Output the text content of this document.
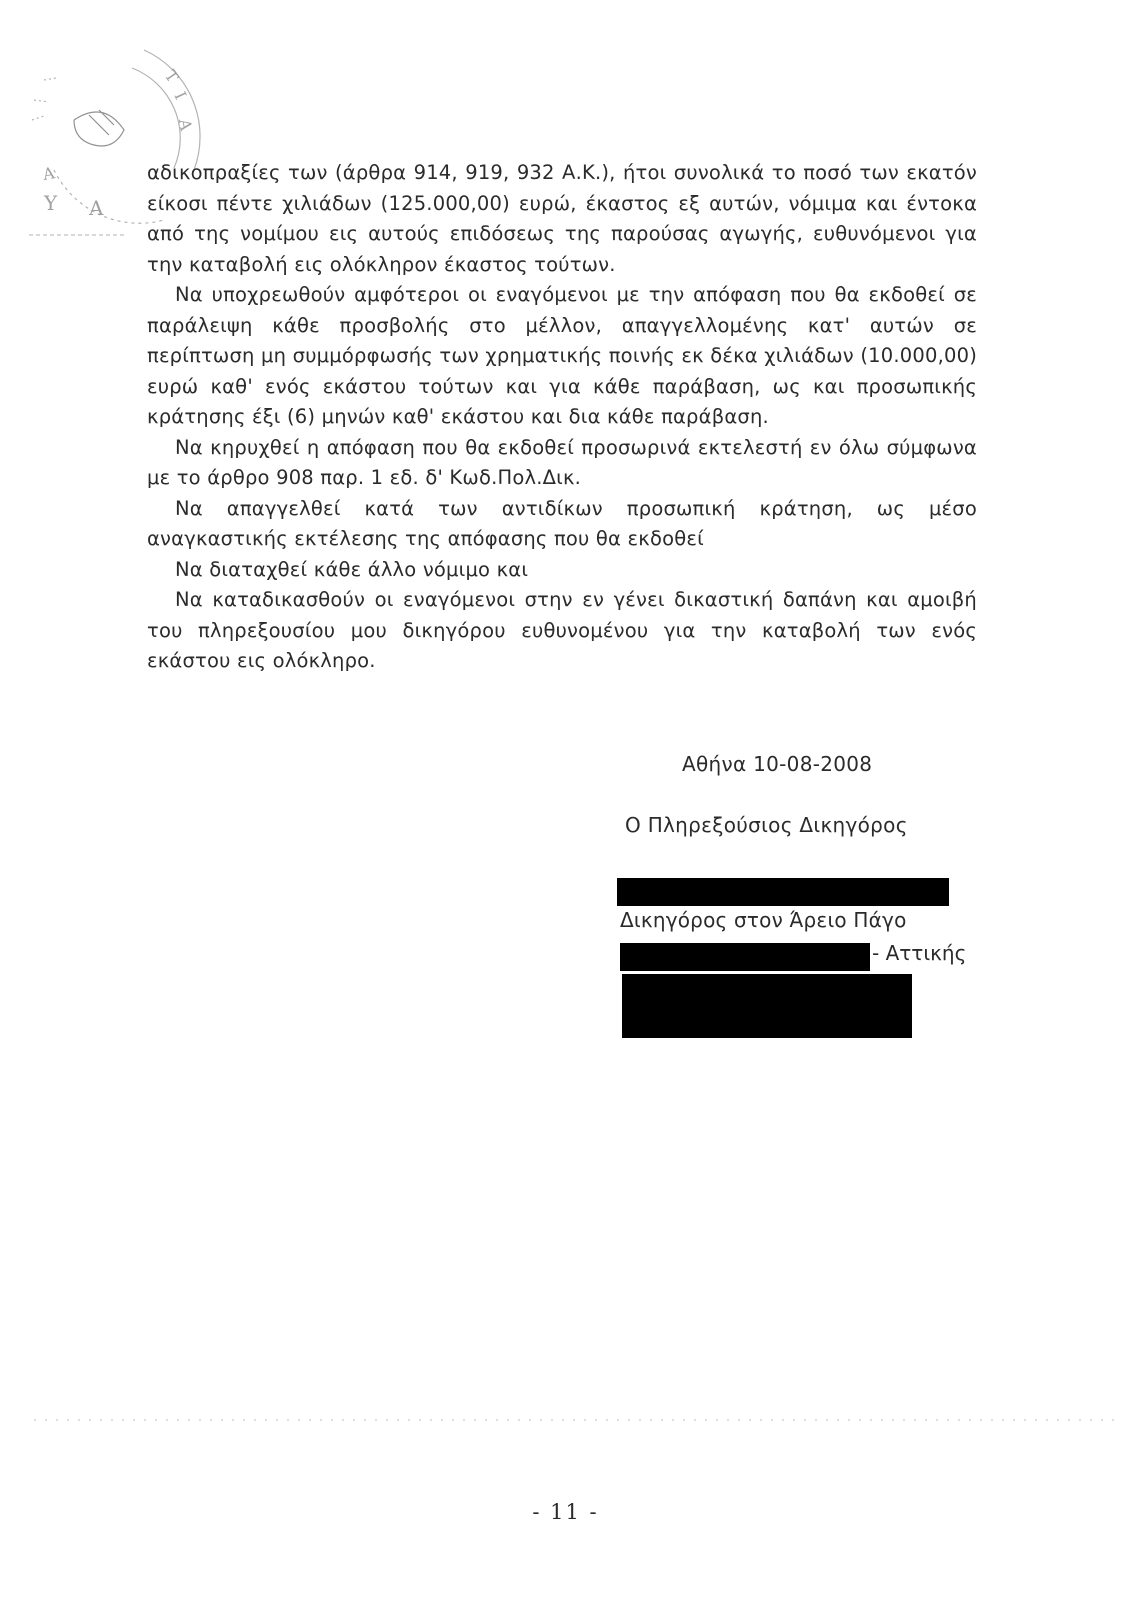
Τ
Ι
Α
Α
Υ Α

αδικοπραξίες των (άρθρα 914, 919, 932 Α.Κ.), ήτοι συνολικά το ποσό των εκατόν είκοσι πέντε χιλιάδων (125.000,00) ευρώ, έκαστος εξ αυτών, νόμιμα και έντοκα από της νομίμου εις αυτούς επιδόσεως της παρούσας αγωγής, ευθυνόμενοι για την καταβολή εις ολόκληρον έκαστος τούτων.

Να υποχρεωθούν αμφότεροι οι εναγόμενοι με την απόφαση που θα εκδοθεί σε παράλειψη κάθε προσβολής στο μέλλον, απαγγελλομένης κατ' αυτών σε περίπτωση μη συμμόρφωσής των χρηματικής ποινής εκ δέκα χιλιάδων (10.000,00) ευρώ καθ' ενός εκάστου τούτων και για κάθε παράβαση, ως και προσωπικής κράτησης έξι (6) μηνών καθ' εκάστου και δια κάθε παράβαση.

Να κηρυχθεί η απόφαση που θα εκδοθεί προσωρινά εκτελεστή εν όλω σύμφωνα με το άρθρο 908 παρ. 1 εδ. δ' Κωδ.Πολ.Δικ.

Να απαγγελθεί κατά των αντιδίκων προσωπική κράτηση, ως μέσο αναγκαστικής εκτέλεσης της απόφασης που θα εκδοθεί

Να διαταχθεί κάθε άλλο νόμιμο και

Να καταδικασθούν οι εναγόμενοι στην εν γένει δικαστική δαπάνη και αμοιβή του πληρεξουσίου μου δικηγόρου ευθυνομένου για την καταβολή των ενός εκάστου εις ολόκληρο.

Αθήνα 10-08-2008
Ο Πληρεξούσιος Δικηγόρος
Δικηγόρος στον Άρειο Πάγο
- Αττικής
- 11 -
